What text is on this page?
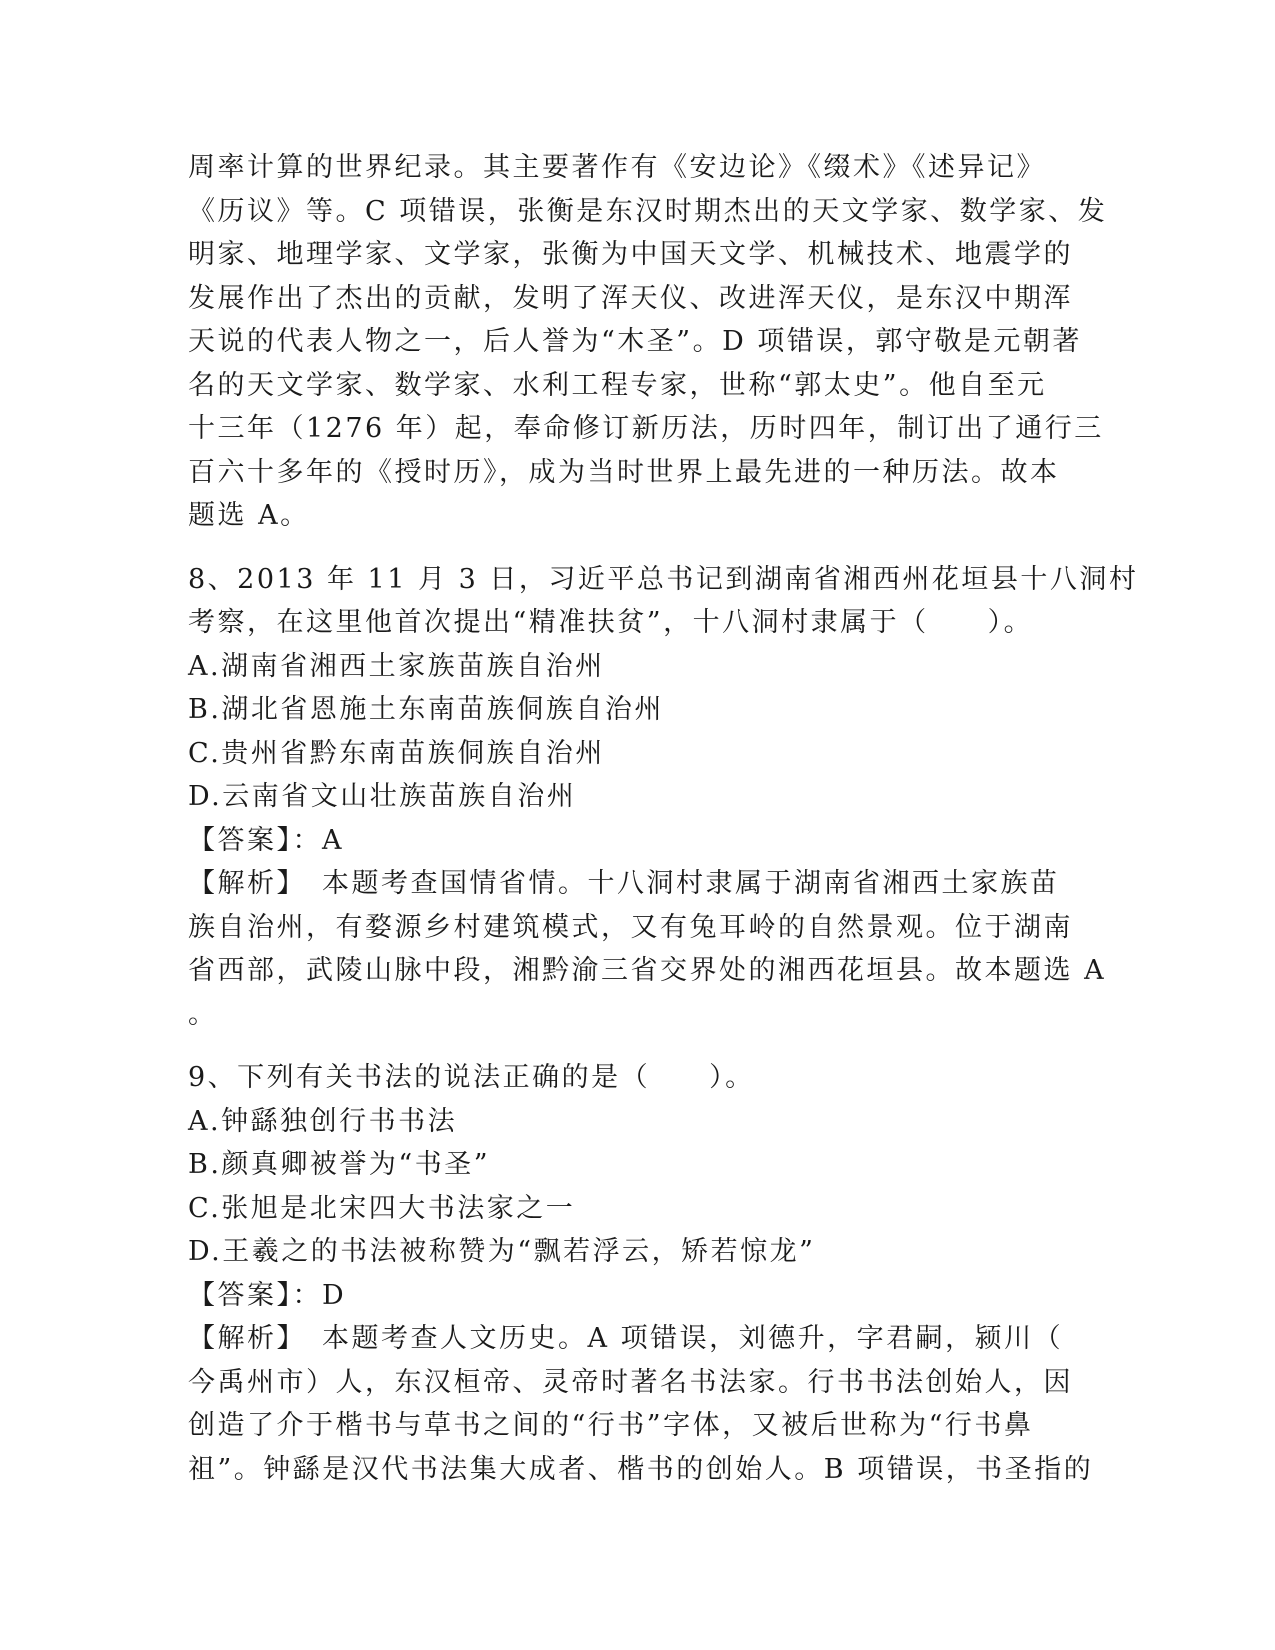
周率计算的世界纪录。其主要著作有《安边论》《缀术》《述异记》
《历议》等。C 项错误，张衡是东汉时期杰出的天文学家、数学家、发
明家、地理学家、文学家，张衡为中国天文学、机械技术、地震学的
发展作出了杰出的贡献，发明了浑天仪、改进浑天仪，是东汉中期浑
天说的代表人物之一，后人誉为“木圣”。D 项错误，郭守敬是元朝著
名的天文学家、数学家、水利工程专家，世称“郭太史”。他自至元
十三年（1276 年）起，奉命修订新历法，历时四年，制订出了通行三
百六十多年的《授时历》，成为当时世界上最先进的一种历法。故本
题选 A。
8、2013 年 11 月 3 日，习近平总书记到湖南省湘西州花垣县十八洞村
考察，在这里他首次提出“精准扶贫”，十八洞村隶属于（　　）。
A.湖南省湘西土家族苗族自治州
B.湖北省恩施土东南苗族侗族自治州
C.贵州省黔东南苗族侗族自治州
D.云南省文山壮族苗族自治州
【答案】：A
【解析】　本题考查国情省情。十八洞村隶属于湖南省湘西土家族苗
族自治州，有婺源乡村建筑模式，又有兔耳岭的自然景观。位于湖南
省西部，武陵山脉中段，湘黔渝三省交界处的湘西花垣县。故本题选 A
。
9、下列有关书法的说法正确的是（　　）。
A.钟繇独创行书书法
B.颜真卿被誉为“书圣”
C.张旭是北宋四大书法家之一
D.王羲之的书法被称赞为“飘若浮云，矫若惊龙”
【答案】：D
【解析】　本题考查人文历史。A 项错误，刘德升，字君嗣，颍川（
今禹州市）人，东汉桓帝、灵帝时著名书法家。行书书法创始人，因
创造了介于楷书与草书之间的“行书”字体，又被后世称为“行书鼻
祖”。钟繇是汉代书法集大成者、楷书的创始人。B 项错误，书圣指的
